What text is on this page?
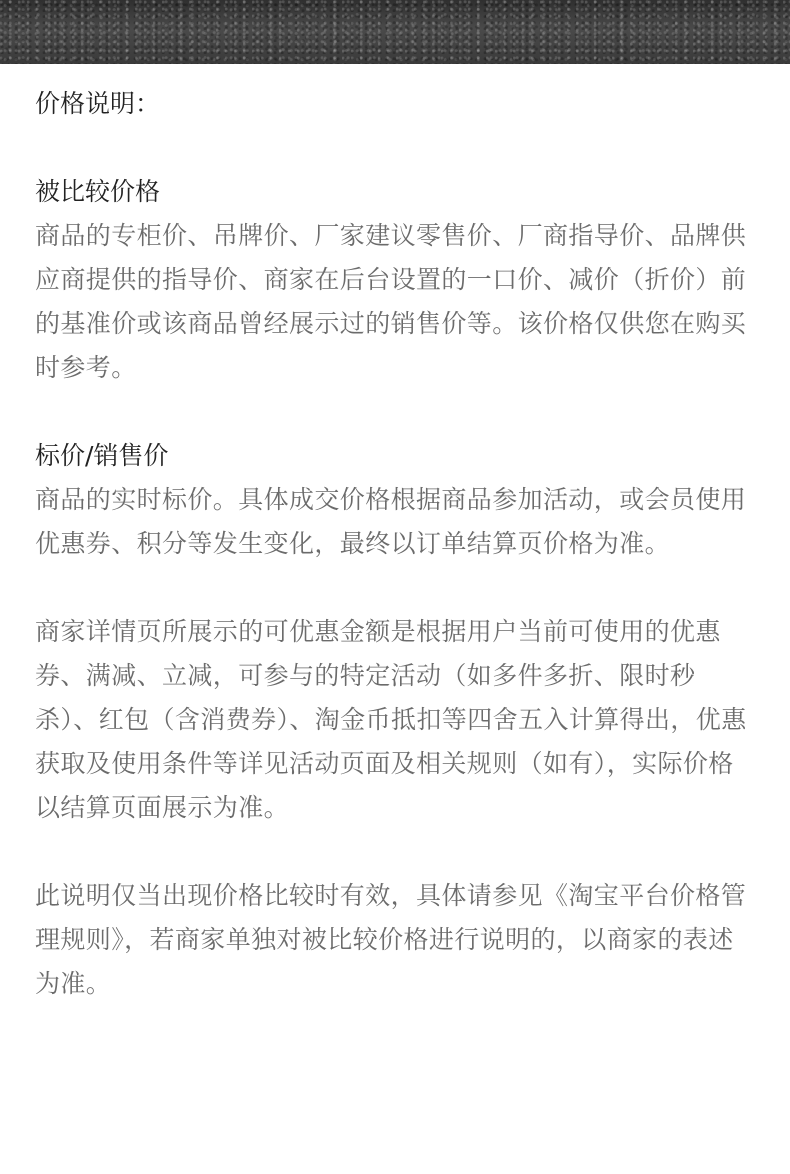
价格说明：

被比较价格

商品的专柜价、吊牌价、厂家建议零售价、厂商指导价、品牌供应商提供的指导价、商家在后台设置的一口价、减价（折价）前的基准价或该商品曾经展示过的销售价等。该价格仅供您在购买时参考。

标价/销售价

商品的实时标价。具体成交价格根据商品参加活动，或会员使用优惠券、积分等发生变化，最终以订单结算页价格为准。

商家详情页所展示的可优惠金额是根据用户当前可使用的优惠券、满减、立减，可参与的特定活动（如多件多折、限时秒杀）、红包（含消费券）、淘金币抵扣等四舍五入计算得出，优惠获取及使用条件等详见活动页面及相关规则（如有），实际价格以结算页面展示为准。

此说明仅当出现价格比较时有效，具体请参见《淘宝平台价格管理规则》，若商家单独对被比较价格进行说明的，以商家的表述为准。
